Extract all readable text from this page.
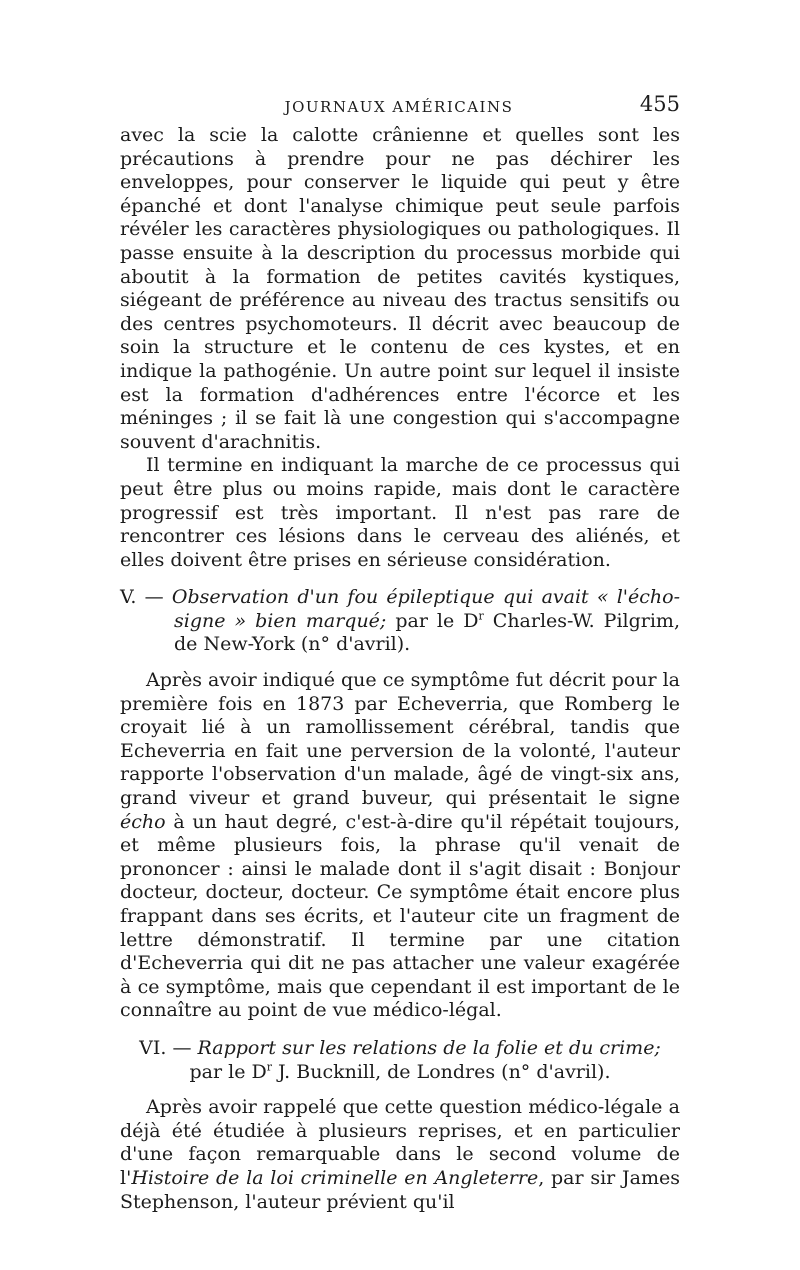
JOURNAUX AMÉRICAINS	455

avec la scie la calotte crânienne et quelles sont les précautions à prendre pour ne pas déchirer les enveloppes, pour conserver le liquide qui peut y être épanché et dont l'analyse chimique peut seule parfois révéler les caractères physiologiques ou pathologiques. Il passe ensuite à la description du processus morbide qui aboutit à la formation de petites cavités kystiques, siégeant de préférence au niveau des tractus sensitifs ou des centres psychomoteurs. Il décrit avec beaucoup de soin la structure et le contenu de ces kystes, et en indique la pathogénie. Un autre point sur lequel il insiste est la formation d'adhérences entre l'écorce et les méninges ; il se fait là une congestion qui s'accompagne souvent d'arachnitis.

Il termine en indiquant la marche de ce processus qui peut être plus ou moins rapide, mais dont le caractère progressif est très important. Il n'est pas rare de rencontrer ces lésions dans le cerveau des aliénés, et elles doivent être prises en sérieuse considération.

V. — Observation d'un fou épileptique qui avait « l'écho-signe » bien marqué; par le $D^r$ Charles-W. Pilgrim, de New-York (n° d'avril).

Après avoir indiqué que ce symptôme fut décrit pour la première fois en 1873 par Echeverria, que Romberg le croyait lié à un ramollissement cérébral, tandis que Echeverria en fait une perversion de la volonté, l'auteur rapporte l'observation d'un malade, âgé de vingt-six ans, grand viveur et grand buveur, qui présentait le signe écho à un haut degré, c'est-à-dire qu'il répétait toujours, et même plusieurs fois, la phrase qu'il venait de prononcer : ainsi le malade dont il s'agit disait : Bonjour docteur, docteur, docteur. Ce symptôme était encore plus frappant dans ses écrits, et l'auteur cite un fragment de lettre démonstratif. Il termine par une citation d'Echeverria qui dit ne pas attacher une valeur exagérée à ce symptôme, mais que cependant il est important de le connaître au point de vue médico-légal.

VI. — Rapport sur les relations de la folie et du crime;

par le $D^r$ J. Bucknill, de Londres (n° d'avril).

Après avoir rappelé que cette question médico-légale a déjà été étudiée à plusieurs reprises, et en particulier d'une façon remarquable dans le second volume de l'Histoire de la loi criminelle en Angleterre, par sir James Stephenson, l'auteur prévient qu'il
